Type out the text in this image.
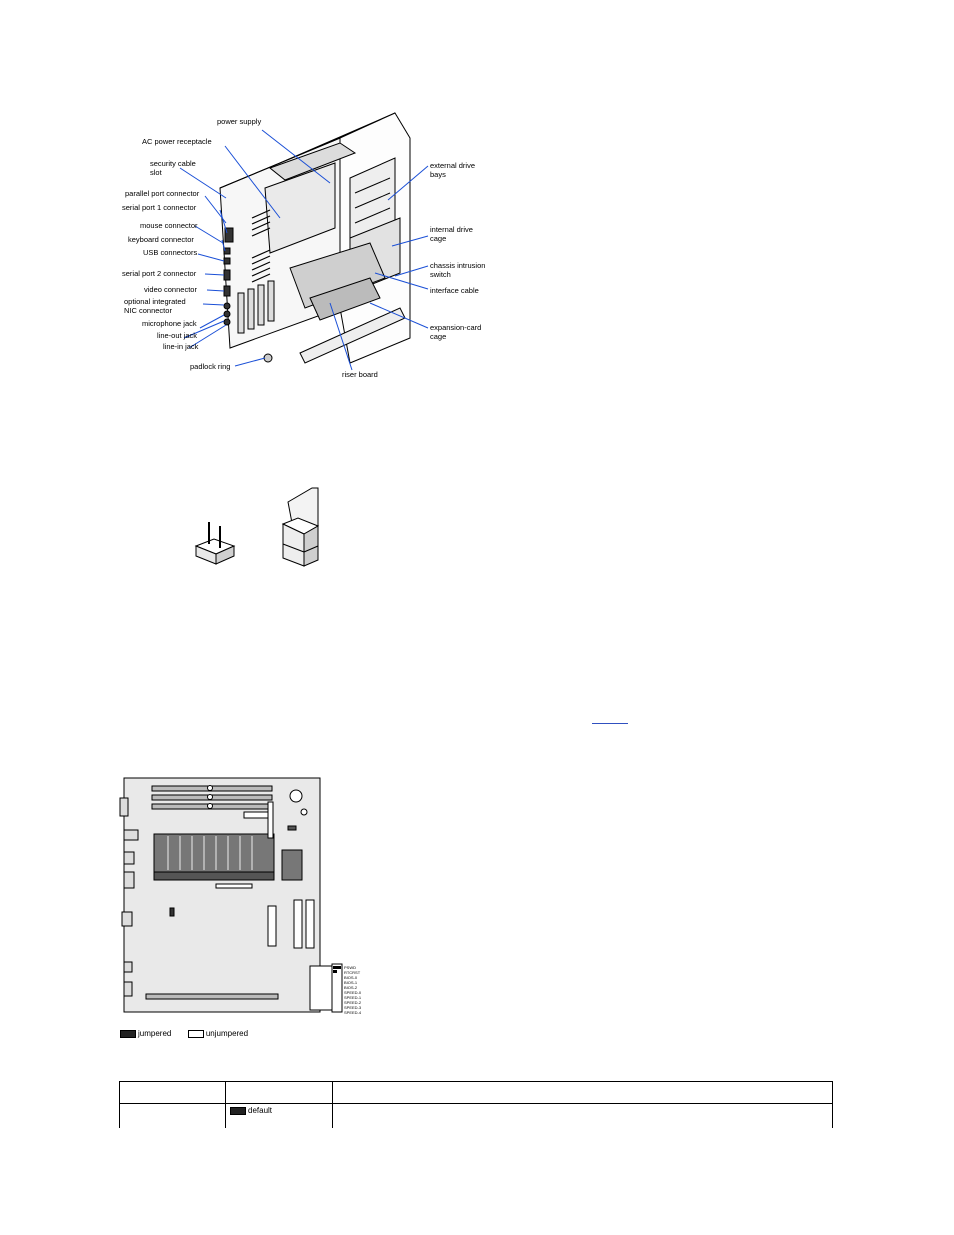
power supply
AC power receptacle
security cable
slot
parallel port connector
serial port 1 connector
mouse connector
keyboard connector
USB connectors
serial port 2 connector
video connector
optional integrated
NIC connector
microphone jack
line-out jack
line-in jack
padlock ring
riser board
external drive
bays
internal drive
cage
chassis intrusion
switch
interface cable
expansion-card
cage
PSWD
RTCRST
BIOS-0
BIOS-1
BIOS-2
SPEED-0
SPEED-1
SPEED-2
SPEED-3
SPEED-4
jumpered	unjumpered

	default	
